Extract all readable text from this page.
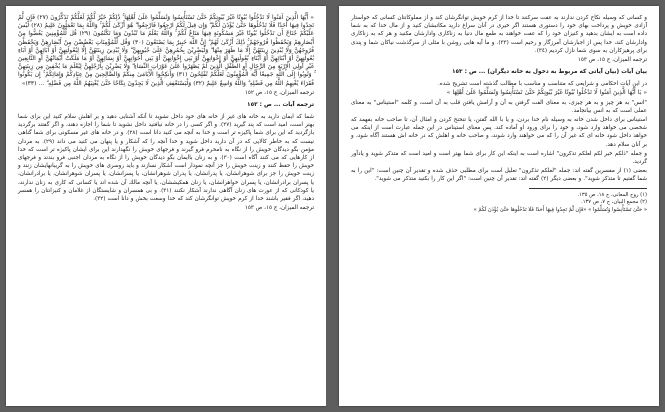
« أَيُّهَا الَّذِينَ آمَنُوا لَا تَدْخُلُوا بُيُوتًا غَيْرَ بُيُوتِكُمْ حَتَّىٰ تَسْتَأْنِسُوا وَتُسَلِّمُوا عَلَىٰ أَهْلِهَا ۚ ذَٰلِكُمْ خَيْرٌ لَّكُمْ لَعَلَّكُمْ تَذَكَّرُونَ (٢٧) فَإِن لَّمْ تَجِدُوا فِيهَا أَحَدًا فَلَا تَدْخُلُوهَا حَتَّىٰ يُؤْذَنَ لَكُمْ ۖ وَإِن قِيلَ لَكُمُ ارْجِعُوا فَارْجِعُوا ۖ هُوَ أَزْكَىٰ لَكُمْ ۚ وَاللَّهُ بِمَا تَعْمَلُونَ عَلِيمٌ (٢٨) لَّيْسَ عَلَيْكُمْ جُنَاحٌ أَن تَدْخُلُوا بُيُوتًا غَيْرَ مَسْكُونَةٍ فِيهَا مَتَاعٌ لَّكُمْ ۚ وَاللَّهُ يَعْلَمُ مَا تُبْدُونَ وَمَا تَكْتُمُونَ (٢٩) قُل لِّلْمُؤْمِنِينَ يَغُضُّوا مِنْ أَبْصَارِهِمْ وَيَحْفَظُوا فُرُوجَهُمْ ۚ ذَٰلِكَ أَزْكَىٰ لَهُمْ ۗ إِنَّ اللَّهَ خَبِيرٌ بِمَا يَصْنَعُونَ (٣٠) وَقُل لِّلْمُؤْمِنَاتِ يَغْضُضْنَ مِنْ أَبْصَارِهِنَّ وَيَحْفَظْنَ فُرُوجَهُنَّ وَلَا يُبْدِينَ زِينَتَهُنَّ إِلَّا مَا ظَهَرَ مِنْهَا ۖ وَلْيَضْرِبْنَ بِخُمُرِهِنَّ عَلَىٰ جُيُوبِهِنَّ ۖ وَلَا يُبْدِينَ زِينَتَهُنَّ إِلَّا لِبُعُولَتِهِنَّ أَوْ آبَائِهِنَّ أَوْ آبَاءِ بُعُولَتِهِنَّ أَوْ أَبْنَائِهِنَّ أَوْ أَبْنَاءِ بُعُولَتِهِنَّ أَوْ إِخْوَانِهِنَّ أَوْ بَنِي إِخْوَانِهِنَّ أَوْ بَنِي أَخَوَاتِهِنَّ أَوْ نِسَائِهِنَّ أَوْ مَا مَلَكَتْ أَيْمَانُهُنَّ أَوِ التَّابِعِينَ غَيْرِ أُولِي الْإِرْبَةِ مِنَ الرِّجَالِ أَوِ الطِّفْلِ الَّذِينَ لَمْ يَظْهَرُوا عَلَىٰ عَوْرَاتِ النِّسَاءِ ۖ وَلَا يَضْرِبْنَ بِأَرْجُلِهِنَّ لِيُعْلَمَ مَا يُخْفِينَ مِن زِينَتِهِنَّ ۚ وَتُوبُوا إِلَى اللَّهِ جَمِيعًا أَيُّهَ الْمُؤْمِنُونَ لَعَلَّكُمْ تُفْلِحُونَ (٣١) وَأَنكِحُوا الْأَيَامَىٰ مِنكُمْ وَالصَّالِحِينَ مِنْ عِبَادِكُمْ وَإِمَائِكُمْ ۚ إِن يَكُونُوا فُقَرَاءَ يُغْنِهِمُ اللَّهُ مِن فَضْلِهِ ۗ وَاللَّهُ وَاسِعٌ عَلِيمٌ (٣٢) وَلْيَسْتَعْفِفِ الَّذِينَ لَا يَجِدُونَ نِكَاحًا حَتَّىٰ يُغْنِيَهُمُ اللَّهُ مِن فَضْلِهِ ۗ ... (٣٣)»

ترجمه الميزان، ج ١٥، ص ١٥٢

ترجمه آيات ... ص : ١٥٢

شما كه ايمان داريد به خانه هاى غير از خانه هاى خود داخل نشويد تا آنكه آشنايى دهيد و بر اهلش سلام كنيد اين براى شما بهتر است، اميد است كه پند گيريد (٢٧). و اگر كسى را در خانه نيافتيد داخل نشويد تا شما را اجازه دهند، و اگر گفتند برگرديد بازگرديد كه اين براى شما پاكيزه تر است و خدا به آنچه مى كنيد دانا است (٢٨). و در خانه هاى غير مسكونى براى شما گناهى نيست كه به خاطر كالايى كه در آن داريد داخل شويد و خدا آنچه را كه آشكار و يا پنهان مى كنيد مى داند (٢٩). به مردان مؤمن بگو ديدگان خويش را از نگاه به نامحرم فرو گيرند و فرجهاى خويش را نگهدارند اين براى ايشان پاكيزه تر است كه خدا از كارهايى كه مى كنند آگاه است (٣٠). و به زنان باايمان بگو ديدگان خويش را از نگاه به مردان اجنبى فرو بندند و فرجهاى خويش را حفظ كنند و زينت خويش را جز آنچه نمودار است آشكار نسازند و بايد روسرى هاى خويش را به گريبانهايشان زنند و زينت خويش را جز براى شوهرانشان، يا پدرانشان، يا پدران شوهرانشان، يا پسرانشان، يا پسران شوهرانشان، يا برادرانشان، يا پسران برادرانشان، يا پسران خواهرانشان، يا زنان همكيششان، يا آنچه مالك آن شده اند يا كسانى كه كارى به زنان ندارند، يا كودكانى كه از عورت هاى زنان آگاهى ندارند آشكار نكنند (٣١). و بى همسران و شايستگان از غلامان و كنيزانتان را همسر دهيد، اگر فقير باشند خدا از كرم خويش توانگرشان كند كه خدا وسعت بخش و دانا است (٣٢).

ترجمه الميزان، ج ١٥، ص ١٥٣

و كسانى كه وسيله نكاح كردن ندارند به عفت سركنند تا خدا از كرم خويش توانگرشان كند و از مملوكانتان كسانى كه خواستار آزادى خويش و پرداخت بهاى خود را دستورى هستند اگر خيرى در آنان سراغ داريد مكاتبشان كنيد و از مال خدا كه به شما داده است به ايشان بدهيد و كنيزان خود را كه عفت خواهند به طمع مال دنيا به زناكارى وادارشان مكنيد و هر كه به زناكارى وادارشان كند، خدا پس از اجبارشان آمرزگار و رحيم است (٣٣). و ما آيه هايى روشن با مثلى از سرگذشت نياكان شما و پندى براى پرهيزكاران به سوى شما نازل كرديم (٣٤).

ترجمه الميزان، ج ١٥، ص ١٥٣

بيان آيات (بيان آياتى كه مربوط به دخول به خانه ديگران) ... ص : ١٥٣

در اين آيات احكامى و شرايعى كه متناسب و مناسب با مطالب گذشته است تشريح شده.

« يَا أَيُّهَا الَّذِينَ آمَنُوا لَا تَدْخُلُوا بُيُوتًا غَيْرَ بُيُوتِكُمْ حَتَّىٰ تَسْتَأْنِسُوا وَتُسَلِّمُوا عَلَىٰ أَهْلِهَا »

"انس" به هر چيز و به هر چيزى، به معناى الفت گرفتن به آن و آرامش يافتن قلب به آن است، و كلمه "استيناس" به معناى عملى است كه به انس بيانجامد.

استيناس براى داخل شدن خانه به وسيله نام خدا بردن، و يا با الله گفتن، يا تنحنح كردن و امثال آن، تا صاحب خانه بفهمد كه شخصى مى خواهد وارد شود، و خود را براى ورود او آماده كند. پس معناى استيناس در اين جمله عبارت است از اينكه مى خواهد داخل شود خانه اى كه غير آن را كه مى خواهند وارد شوند، و صاحب خانه و اهلش كه در خانه اش هستند آگاه شود، و بر آنان سلام دهد.

و جمله "ذلكم خير لكم لعلكم تذكرون" اشاره است به اينكه اين كار براى شما بهتر است و اميد است كه متذكر شويد و يادآور گرديد.

بعضى (١) از مفسرين گفته اند: جمله "لعلكم تذكرون" تعليل است براى مطلبى حذف شده و تقدير آن چنين است: "اين را به شما گفتيم تا متذكر شويد". و بعضى ديگر (٢) گفته اند: تقدير آن چنين است: "اگر اين كار را بكنيد متذكر مى شويد".

(١) روح المعانى، ج ١٨، ص ١٣٥.

(٢) مجمع البيان، ج ٧، ص ١٣٧.

« حَتَّىٰ تَسْتَأْنِسُوا وَتُسَلِّمُوا » «فَإِن لَّمْ تَجِدُوا فِيهَا أَحَدًا فَلَا تَدْخُلُوهَا حَتَّىٰ يُؤْذَنَ لَكُمْ »
